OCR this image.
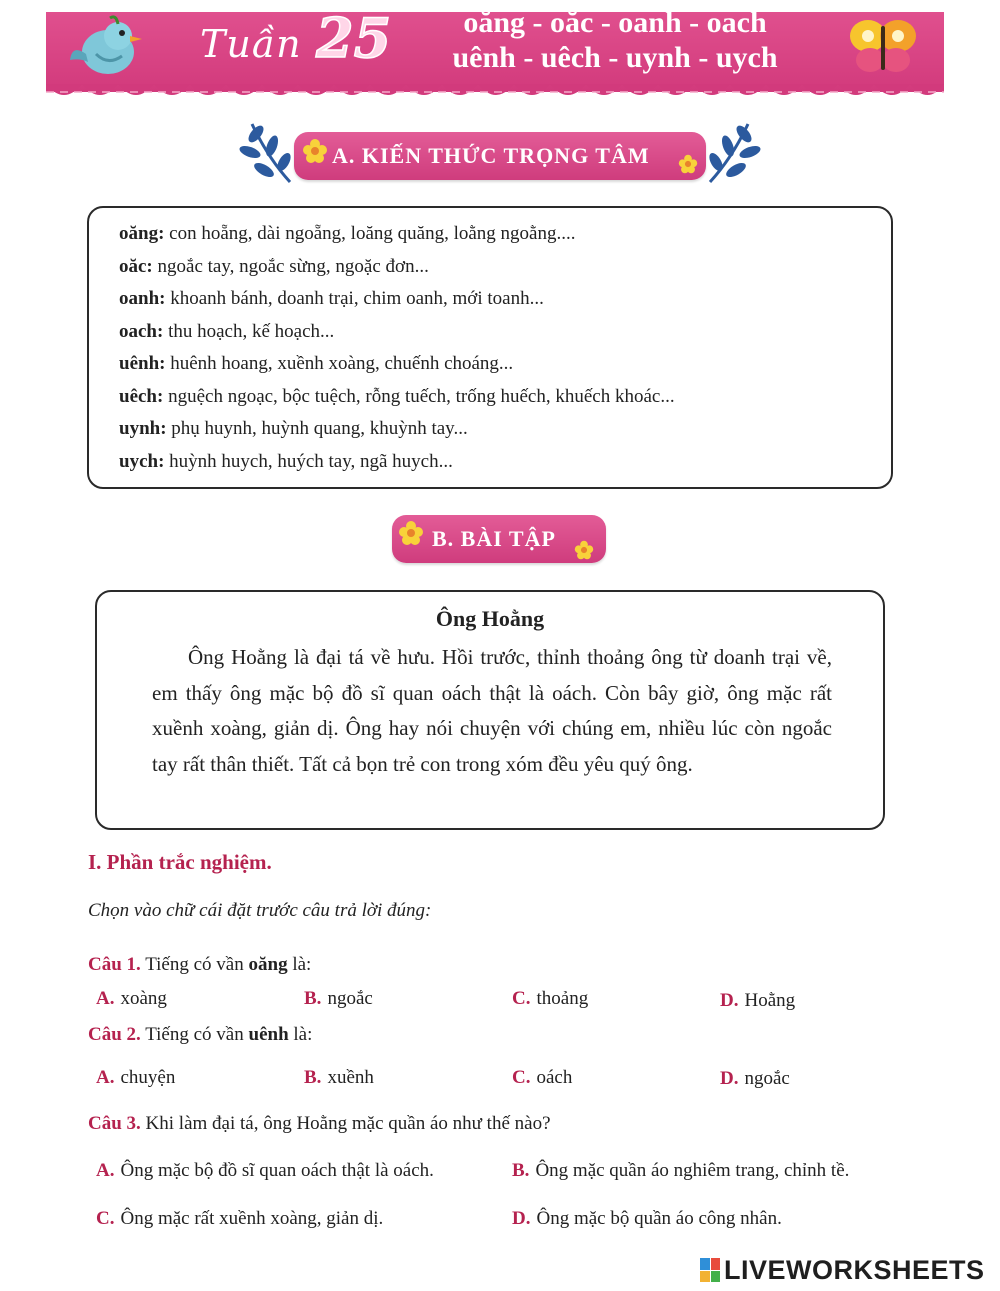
Tuần 25	oăng - oăc - oanh - oach
uênh - uêch - uynh - uych
A. KIẾN THỨC TRỌNG TÂM
oăng: con hoẵng, dài ngoẵng, loăng quăng, loằng ngoằng....
oăc: ngoắc tay, ngoắc sừng, ngoặc đơn...
oanh: khoanh bánh, doanh trại, chim oanh, mới toanh...
oach: thu hoạch, kế hoạch...
uênh: huênh hoang, xuềnh xoàng, chuếnh choáng...
uêch: nguệch ngoạc, bộc tuệch, rỗng tuếch, trống huếch, khuếch khoác...
uynh: phụ huynh, huỳnh quang, khuỳnh tay...
uych: huỳnh huych, huých tay, ngã huych...
B. BÀI TẬP
Ông Hoằng
Ông Hoằng là đại tá về hưu. Hồi trước, thỉnh thoảng ông từ doanh trại về, em thấy ông mặc bộ đồ sĩ quan oách thật là oách. Còn bây giờ, ông mặc rất xuềnh xoàng, giản dị. Ông hay nói chuyện với chúng em, nhiều lúc còn ngoắc tay rất thân thiết. Tất cả bọn trẻ con trong xóm đều yêu quý ông.
I. Phần trắc nghiệm.
Chọn vào chữ cái đặt trước câu trả lời đúng:
Câu 1. Tiếng có vần oăng là:
A. xoàng	B. ngoắc	C. thoảng	D. Hoằng
Câu 2. Tiếng có vần uênh là:
A. chuyện	B. xuềnh	C. oách	D. ngoắc
Câu 3. Khi làm đại tá, ông Hoằng mặc quần áo như thế nào?
A. Ông mặc bộ đồ sĩ quan oách thật là oách.	B. Ông mặc quần áo nghiêm trang, chỉnh tề.
C. Ông mặc rất xuềnh xoàng, giản dị.	D. Ông mặc bộ quần áo công nhân.
LIVEWORKSHEETS
